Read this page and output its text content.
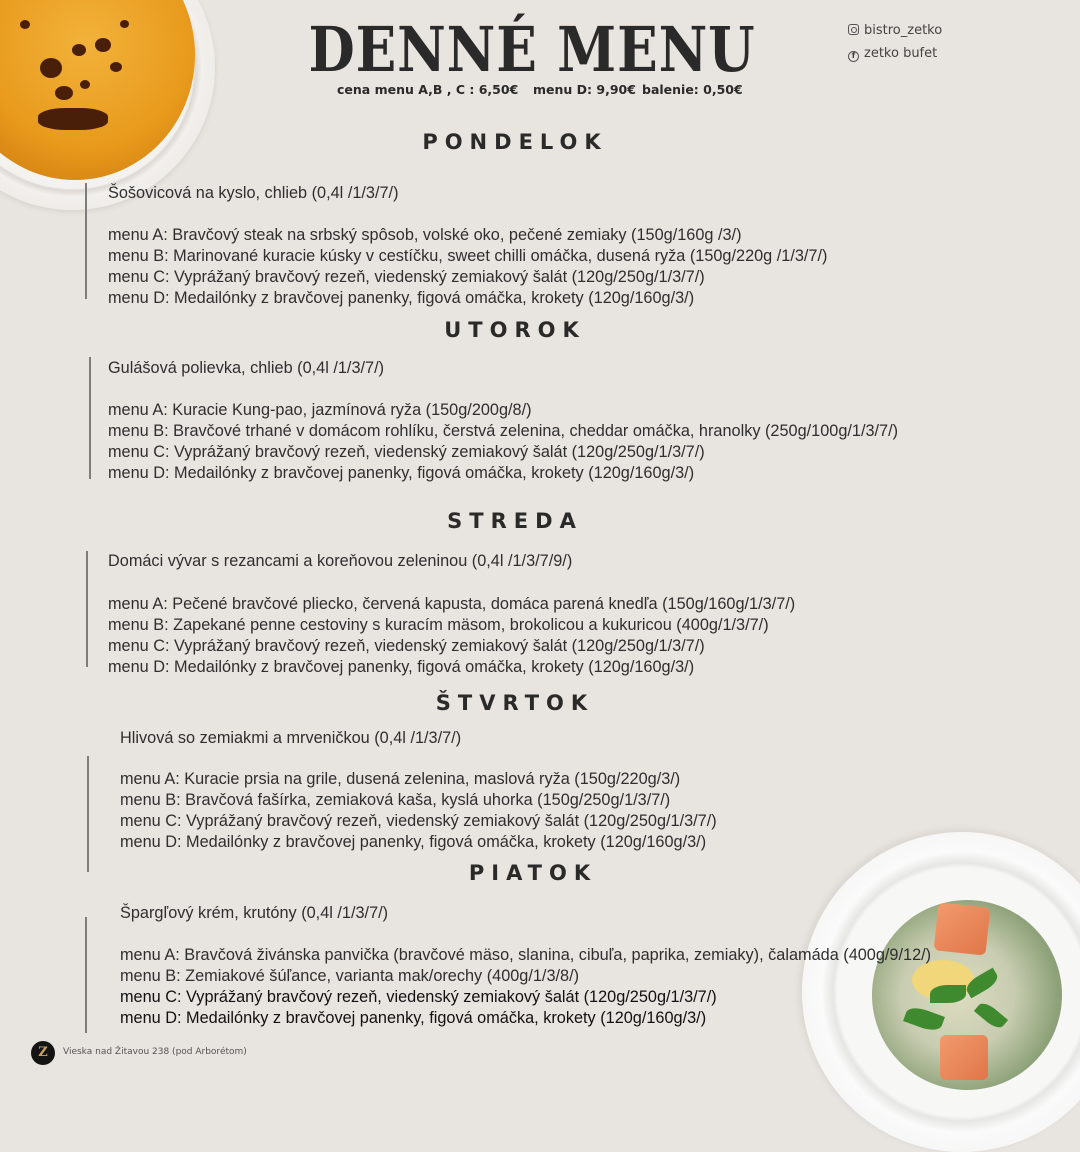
DENNÉ MENU
cena menu A,B , C : 6,50€ menu D: 9,90€ balenie: 0,50€
bistro_zetko
f zetko bufet
PONDELOK
Šošovicová na kyslo, chlieb (0,4l /1/3/7/)
menu A: Bravčový steak na srbský spôsob, volské oko, pečené zemiaky (150g/160g /3/)
menu B: Marinované kuracie kúsky v cestíčku, sweet chilli omáčka, dusená ryža (150g/220g /1/3/7/)
menu C: Vyprážaný bravčový rezeň, viedenský zemiakový šalát (120g/250g/1/3/7/)
menu D: Medailónky z bravčovej panenky, figová omáčka, krokety (120g/160g/3/)
UTOROK
Gulášová polievka, chlieb (0,4l /1/3/7/)
menu A: Kuracie Kung-pao, jazmínová ryža (150g/200g/8/)
menu B: Bravčové trhané v domácom rohlíku, čerstvá zelenina, cheddar omáčka, hranolky (250g/100g/1/3/7/)
menu C: Vyprážaný bravčový rezeň, viedenský zemiakový šalát (120g/250g/1/3/7/)
menu D: Medailónky z bravčovej panenky, figová omáčka, krokety (120g/160g/3/)
STREDA
Domáci vývar s rezancami a koreňovou zeleninou (0,4l /1/3/7/9/)
menu A: Pečené bravčové pliecko, červená kapusta, domáca parená knedľa (150g/160g/1/3/7/)
menu B: Zapekané penne cestoviny s kuracím mäsom, brokolicou a kukuricou (400g/1/3/7/)
menu C: Vyprážaný bravčový rezeň, viedenský zemiakový šalát (120g/250g/1/3/7/)
menu D: Medailónky z bravčovej panenky, figová omáčka, krokety (120g/160g/3/)
ŠTVRTOK
Hlivová so zemiakmi a mrveničkou (0,4l /1/3/7/)
menu A: Kuracie prsia na grile, dusená zelenina, maslová ryža (150g/220g/3/)
menu B: Bravčová fašírka, zemiaková kaša, kyslá uhorka (150g/250g/1/3/7/)
menu C: Vyprážaný bravčový rezeň, viedenský zemiakový šalát (120g/250g/1/3/7/)
menu D: Medailónky z bravčovej panenky, figová omáčka, krokety (120g/160g/3/)
PIATOK
Špargľový krém, krutóny (0,4l /1/3/7/)
menu A: Bravčová živánska panvička (bravčové mäso, slanina, cibuľa, paprika, zemiaky), čalamáda (400g/9/12/)
menu B: Zemiakové šúľance, varianta mak/orechy (400g/1/3/8/)
menu C: Vyprážaný bravčový rezeň, viedenský zemiakový šalát (120g/250g/1/3/7/)
menu D: Medailónky z bravčovej panenky, figová omáčka, krokety (120g/160g/3/)
Z	Vieska nad Žitavou 238 (pod Arborétom)
